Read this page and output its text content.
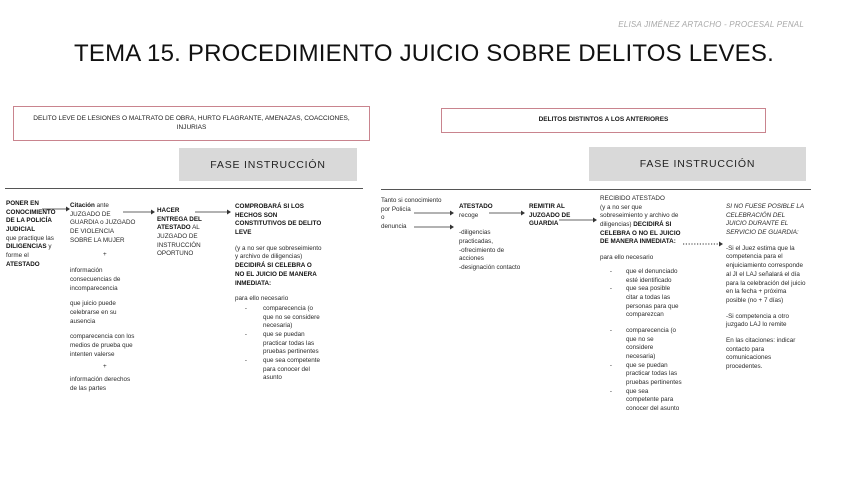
ELISA JIMÉNEZ ARTACHO - PROCESAL PENAL
TEMA 15. PROCEDIMIENTO JUICIO SOBRE DELITOS LEVES.
DELITO LEVE DE LESIONES O MALTRATO DE OBRA, HURTO FLAGRANTE, AMENAZAS, COACCIONES, INJURIAS
DELITOS DISTINTOS A LOS ANTERIORES
FASE INSTRUCCIÓN	FASE INSTRUCCIÓN
PONER EN
CONOCIMIENTO
DE LA POLICÍA
JUDICIAL
que practique las
DILIGENCIAS y
forme el
ATESTADO
Citación ante
JUZGADO DE
GUARDIA o JUZGADO
DE VIOLENCIA
SOBRE LA MUJER
+
información
consecuencias de
incomparecencia
que juicio puede
celebrarse en su
ausencia
comparecencia con los
medios de prueba que
intenten valerse
+
información derechos
de las partes
HACER
ENTREGA DEL
ATESTADO AL
JUZGADO DE
INSTRUCCIÓN
OPORTUNO
COMPROBARÁ SI LOS
HECHOS SON
CONSTITUTIVOS DE DELITO
LEVE
(y a no ser que sobreseimiento
y archivo de diligencias)
DECIDIRÁ SI CELEBRA O
NO EL JUICIO DE MANERA
INMEDIATA:
para ello necesario
-	comparecencia (o
que no se considere
necesaria)
-	que se puedan
practicar todas las
pruebas pertinentes
-	que sea competente
para conocer del
asunto
Tanto si conocimiento
por Policía
o
denuncia
ATESTADO
recoge
-diligencias
practicadas,
-ofrecimiento de
acciones
-designación contacto
REMITIR AL
JUZGADO DE
GUARDIA
RECIBIDO ATESTADO
(y a no ser que
sobreseimiento y archivo de
diligencias) DECIDIRÁ SI
CELEBRA O NO EL JUICIO
DE MANERA INMEDIATA:
para ello necesario
- que el denunciado
esté identificado
- que sea posible
citar a todas las
personas para que
comparezcan
- comparecencia (o
que no se
considere
necesaria)
- que se puedan
practicar todas las
pruebas pertinentes
- que sea
competente para
conocer del asunto
SI NO FUESE POSIBLE LA
CELEBRACIÓN DEL
JUICIO DURANTE EL
SERVICIO DE GUARDIA:
-Si el Juez estima que la
competencia para el
enjuiciamiento corresponde
al JI el LAJ señalará el día
para la celebración del juicio
en la fecha + próxima
posible (no + 7 días)
-Si competencia a otro
juzgado LAJ lo remite
En las citaciones: indicar
contacto para
comunicaciones
procedentes.
